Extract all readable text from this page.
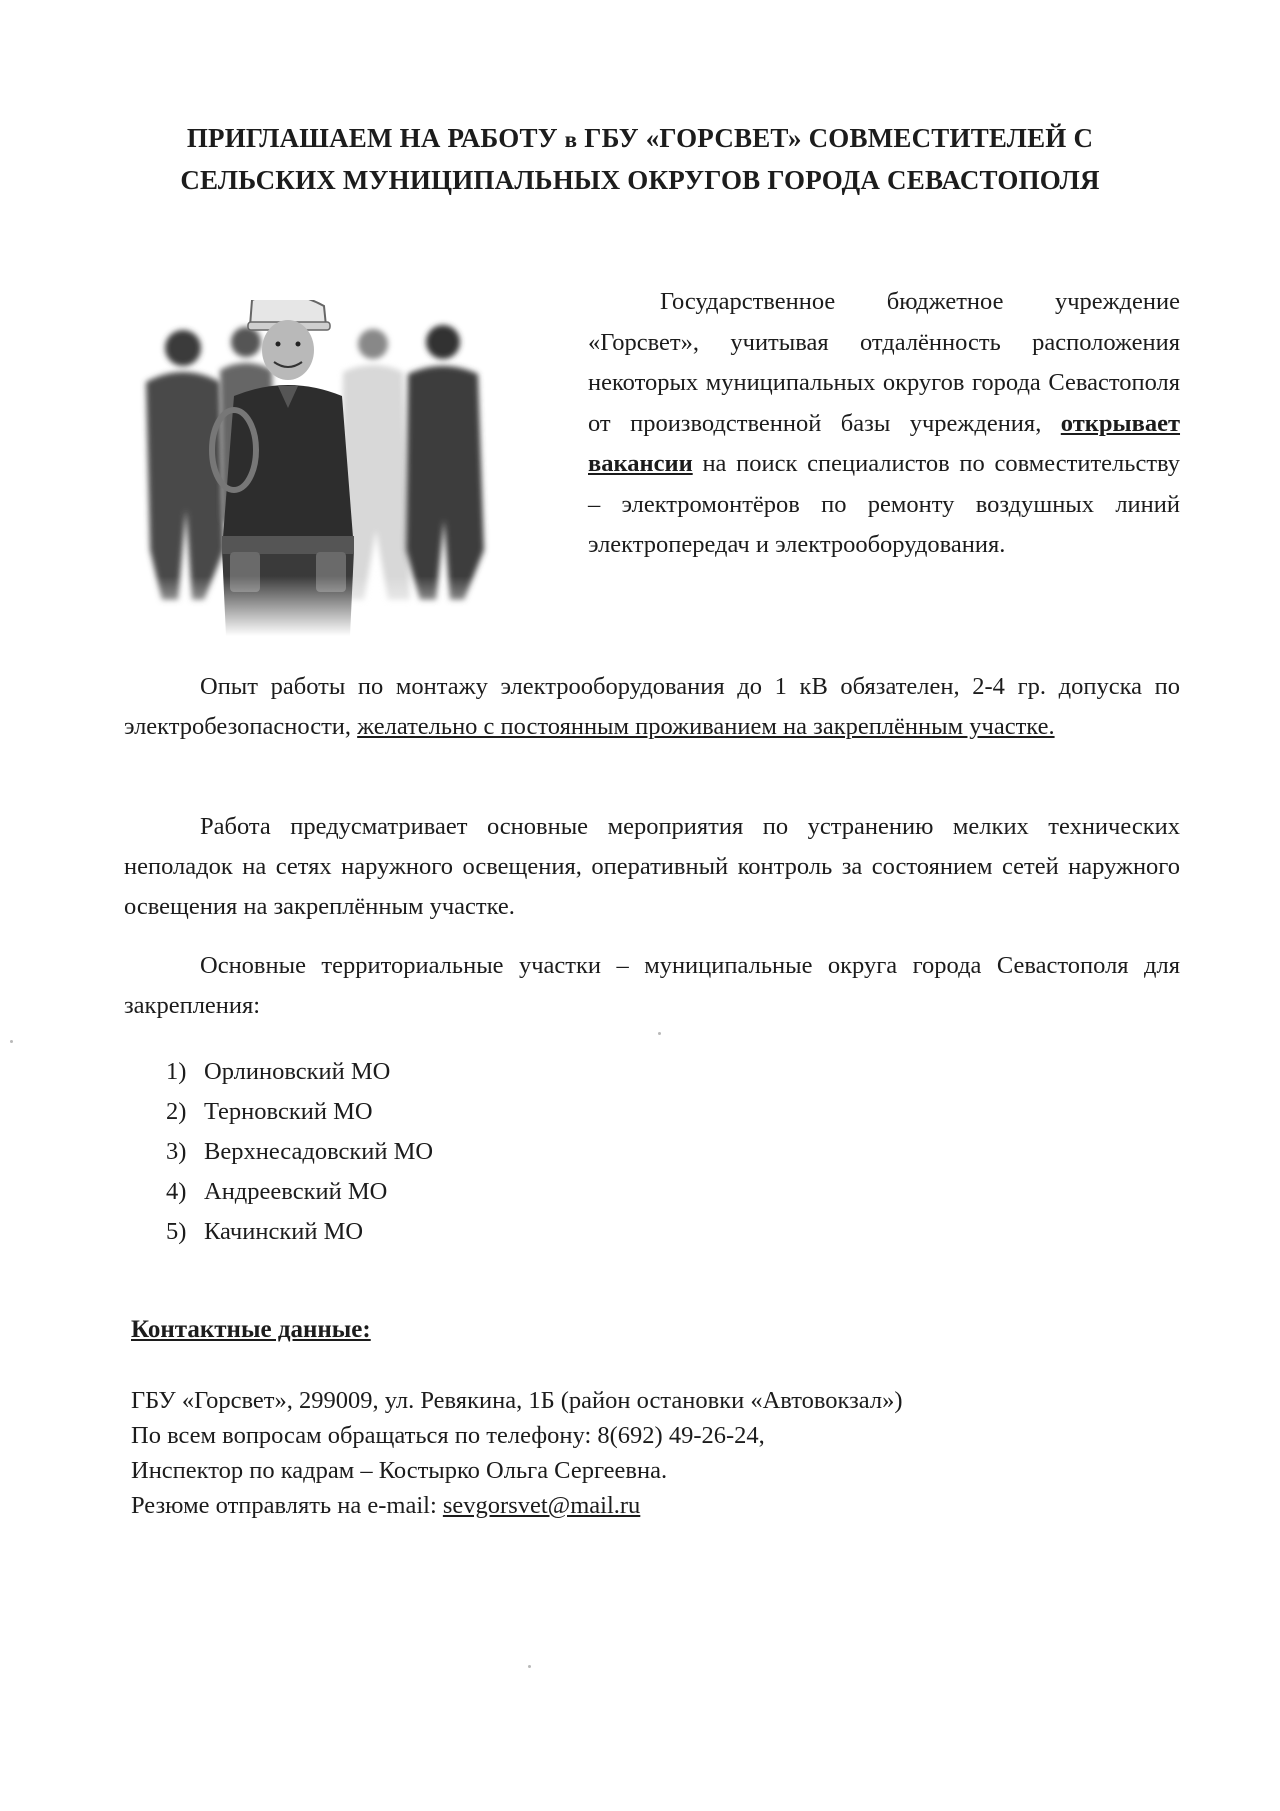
ПРИГЛАШАЕМ НА РАБОТУ в ГБУ «ГОРСВЕТ» СОВМЕСТИТЕЛЕЙ С
СЕЛЬСКИХ МУНИЦИПАЛЬНЫХ ОКРУГОВ ГОРОДА СЕВАСТОПОЛЯ
Государственное бюджетное учреждение «Горсвет», учитывая отдалённость расположения некоторых муниципальных округов города Севастополя от производственной базы учреждения, открывает вакансии на поиск специалистов по совместительству – электромонтёров по ремонту воздушных линий электропередач и электрооборудования.
Опыт работы по монтажу электрооборудования до 1 кВ обязателен, 2-4 гр. допуска по электробезопасности, желательно с постоянным проживанием на закреплённым участке.
Работа предусматривает основные мероприятия по устранению мелких технических неполадок на сетях наружного освещения, оперативный контроль за состоянием сетей наружного освещения на закреплённым участке.
Основные территориальные участки – муниципальные округа города Севастополя для закрепления:
1) Орлиновский МО
2) Терновский МО
3) Верхнесадовский МО
4) Андреевский МО
5) Качинский МО
Контактные данные:
ГБУ «Горсвет», 299009, ул. Ревякина, 1Б (район остановки «Автовокзал»)
По всем вопросам обращаться по телефону: 8(692) 49-26-24,
Инспектор по кадрам – Костырко Ольга Сергеевна.
Резюме отправлять на e-mail: sevgorsvet@mail.ru
